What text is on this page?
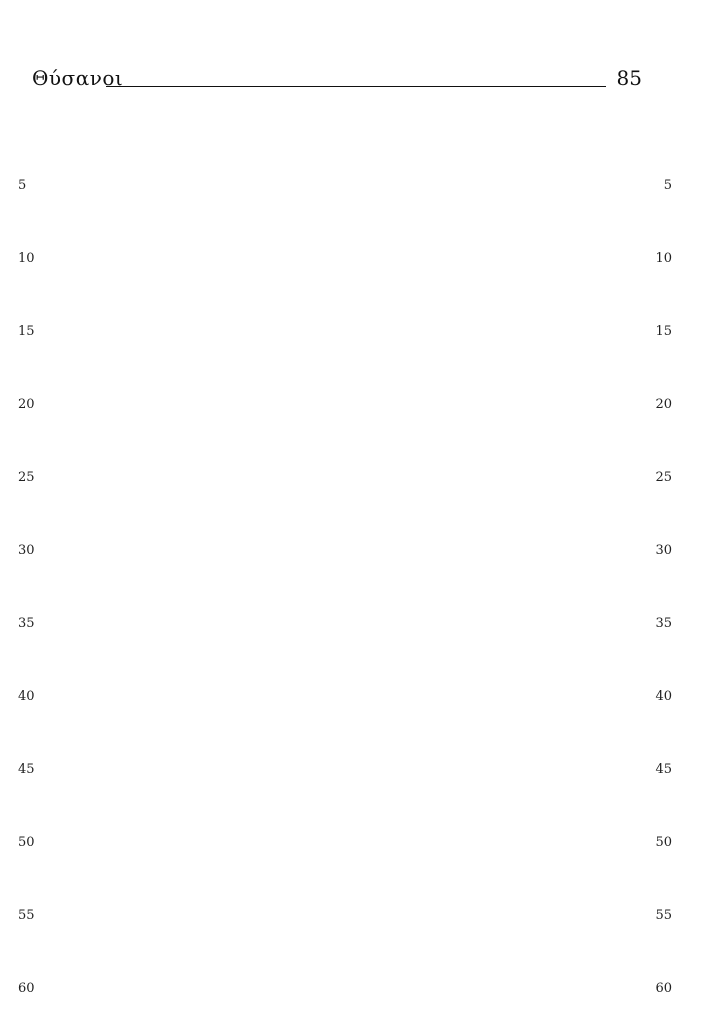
Θύσανοι	85
5
10
15
20
25
30
35
40
45
50
55
60
5
10
15
20
25
30
35
40
45
50
55
60
